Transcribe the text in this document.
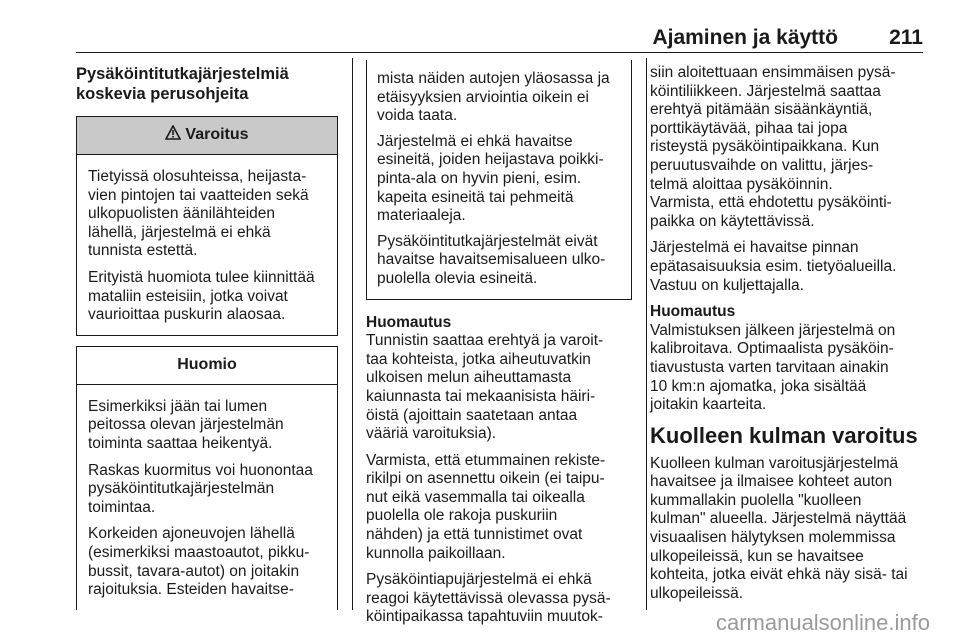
Ajaminen ja käyttö 211
Pysäköintitutkajärjestelmiä
koskevia perusohjeita
Varoitus

Tietyissä olosuhteissa, heijasta-
vien pintojen tai vaatteiden sekä
ulkopuolisten äänilähteiden
lähellä, järjestelmä ei ehkä
tunnista estettä.

Erityistä huomiota tulee kiinnittää
mataliin esteisiin, jotka voivat
vaurioittaa puskurin alaosaa.

Huomio

Esimerkiksi jään tai lumen
peitossa olevan järjestelmän
toiminta saattaa heikentyä.

Raskas kuormitus voi huonontaa
pysäköintitutkajärjestelmän
toimintaa.

Korkeiden ajoneuvojen lähellä
(esimerkiksi maastoautot, pikku-
bussit, tavara-autot) on joitakin
rajoituksia. Esteiden havaitse-

mista näiden autojen yläosassa ja
etäisyyksien arviointia oikein ei
voida taata.

Järjestelmä ei ehkä havaitse
esineitä, joiden heijastava poikki-
pinta-ala on hyvin pieni, esim.
kapeita esineitä tai pehmeitä
materiaaleja.

Pysäköintitutkajärjestelmät eivät
havaitse havaitsemisalueen ulko-
puolella olevia esineitä.

Huomautus

Tunnistin saattaa erehtyä ja varoit-
taa kohteista, jotka aiheutuvatkin
ulkoisen melun aiheuttamasta
kaiunnasta tai mekaanisista häiri-
öistä (ajoittain saatetaan antaa
vääriä varoituksia).

Varmista, että etummainen rekiste-
rikilpi on asennettu oikein (ei taipu-
nut eikä vasemmalla tai oikealla
puolella ole rakoja puskuriin
nähden) ja että tunnistimet ovat
kunnolla paikoillaan.

Pysäköintiapujärjestelmä ei ehkä
reagoi käytettävissä olevassa pysä-
köintipaikassa tapahtuviin muutok-

siin aloitettuaan ensimmäisen pysä-
köintiliikkeen. Järjestelmä saattaa
erehtyä pitämään sisäänkäyntiä,
porttikäytävää, pihaa tai jopa
risteystä pysäköintipaikkana. Kun
peruutusvaihde on valittu, järjes-
telmä aloittaa pysäköinnin.
Varmista, että ehdotettu pysäköinti-
paikka on käytettävissä.

Järjestelmä ei havaitse pinnan
epätasaisuuksia esim. tietyöalueilla.
Vastuu on kuljettajalla.

Huomautus

Valmistuksen jälkeen järjestelmä on
kalibroitava. Optimaalista pysäköin-
tiavustusta varten tarvitaan ainakin
10 km:n ajomatka, joka sisältää
joitakin kaarteita.

Kuolleen kulman varoitus

Kuolleen kulman varoitusjärjestelmä
havaitsee ja ilmaisee kohteet auton
kummallakin puolella "kuolleen
kulman" alueella. Järjestelmä näyttää
visuaalisen hälytyksen molemmissa
ulkopeileissä, kun se havaitsee
kohteita, jotka eivät ehkä näy sisä- tai
ulkopeileissä.

carmanualsonline.info
